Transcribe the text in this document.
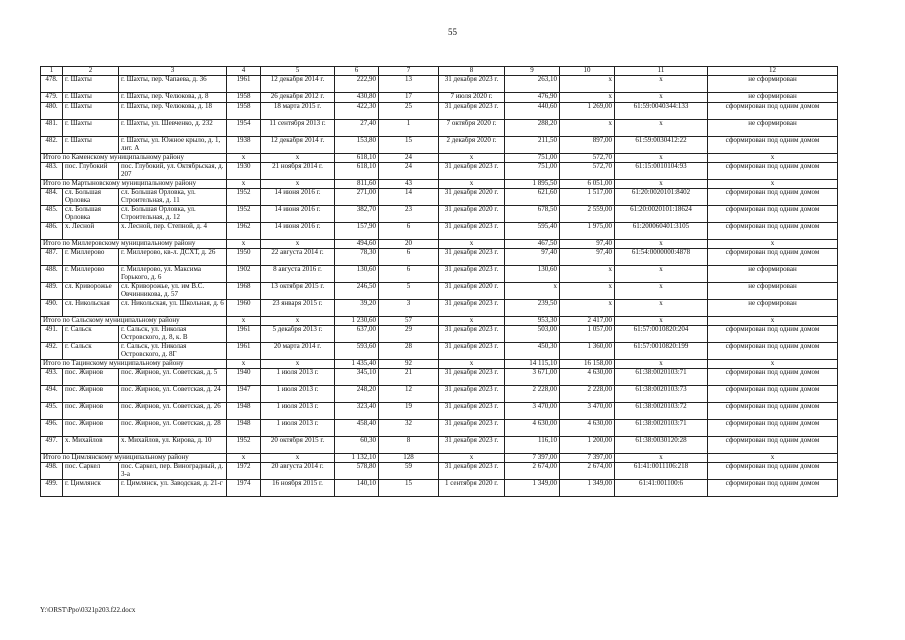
55
1	2	3	4	5	6	7	8	9	10	11	12
478.	г. Шахты	г. Шахты, пер. Чапаева, д. 36	1961	12 декабря 2014 г.	222,90	13	31 декабря 2023 г.	263,10	х	х	не сформирован
479.	г. Шахты	г. Шахты, пер. Челюкова, д. 8	1958	26 декабря 2012 г.	430,80	17	7 июля 2020 г.	476,90	х	х	не сформирован
480.	г. Шахты	г. Шахты, пер. Челюкова, д. 18	1958	18 марта 2015 г.	422,30	25	31 декабря 2023 г.	440,60	1 269,00	61:59:0040344:133	сформирован под одним домом
481.	г. Шахты	г. Шахты, ул. Шевченко, д. 232	1954	11 сентября 2013 г.	27,40	1	7 октября 2020 г.	288,20	х	х	не сформирован
482.	г. Шахты	г. Шахты, ул. Южное крыло, д. 1, лит. А	1938	12 декабря 2014 г.	153,80	15	2 декабря 2020 г.	211,50	897,00	61:59:0030412:22	сформирован под одним домом
Итого по Каменскому муниципальному району			х	х	618,10	24	х	751,00	572,70	х	х
483.	пос. Глубокий	пос. Глубокий, ул. Октябрьская, д. 207	1930	21 ноября 2014 г.	618,10	24	31 декабря 2023 г.	751,00	572,70	61:15:0010104:93	сформирован под одним домом
Итого по Мартыновскому муниципальному району			х	х	811,60	43	х	1 895,50	6 051,00	х	х
484.	сл. Большая Орловка	сл. Большая Орловка, ул. Строительная, д. 11	1952	14 июня 2016 г.	271,00	14	31 декабря 2020 г.	621,60	1 517,00	61:20:0020101:8402	сформирован под одним домом
485.	сл. Большая Орловка	сл. Большая Орловка, ул. Строительная, д. 12	1952	14 июня 2016 г.	382,70	23	31 декабря 2020 г.	678,50	2 559,00	61:20:0020101:18624	сформирован под одним домом
486.	х. Лесной	х. Лесной, пер. Степной, д. 4	1962	14 июня 2016 г.	157,90	6	31 декабря 2023 г.	595,40	1 975,00	61:200060401:3105	сформирован под одним домом
Итого по Миллеровскому муниципальному району			х	х	494,60	20	х	467,50	97,40	х	х
487.	г. Миллерово	г. Миллерово, кв-л. ДСХТ, д. 26	1950	22 августа 2014 г.	78,30	6	31 декабря 2023 г.	97,40	97,40	61:54:0000000:4878	сформирован под одним домом
488.	г. Миллерово	г. Миллерово, ул. Максима Горького, д. 6	1902	8 августа 2016 г.	130,60	6	31 декабря 2023 г.	130,60	х	х	не сформирован
489.	сл. Криворожье	сл. Криворожье, ул. им В.С. Овчинникова, д. 57	1968	13 октября 2015 г.	246,50	5	31 декабря 2020 г.	х	х	х	не сформирован
490.	сл. Никольская	сл. Никольская, ул. Школьная, д. 6	1960	23 января 2015 г.	39,20	3	31 декабря 2023 г.	239,50	х	х	не сформирован
Итого по Сальскому муниципальному району			х	х	1 230,60	57	х	953,30	2 417,00	х	х
491.	г. Сальск	г. Сальск, ул. Николая Островского, д. 8, к. В	1961	5 декабря 2013 г.	637,00	29	31 декабря 2023 г.	503,00	1 057,00	61:57:0010820:204	сформирован под одним домом
492.	г. Сальск	г. Сальск, ул. Николая Островского, д. 8Г	1961	20 марта 2014 г.	593,60	28	31 декабря 2023 г.	450,30	1 360,00	61:57:0010820:199	сформирован под одним домом
Итого по Тацинскому муниципальному району			х	х	1 435,40	92	х	14 115,10	16 158,00	х	х
493.	пос. Жирнов	пос. Жирнов, ул. Советская, д. 5	1940	1 июля 2013 г.	345,10	21	31 декабря 2023 г.	3 671,00	4 630,00	61:38:0020103:71	сформирован под одним домом
494.	пос. Жирнов	пос. Жирнов, ул. Советская, д. 24	1947	1 июля 2013 г.	248,20	12	31 декабря 2023 г.	2 228,00	2 228,00	61:38:0020103:73	сформирован под одним домом
495.	пос. Жирнов	пос. Жирнов, ул. Советская, д. 26	1948	1 июля 2013 г.	323,40	19	31 декабря 2023 г.	3 470,00	3 470,00	61:38:0020103:72	сформирован под одним домом
496.	пос. Жирнов	пос. Жирнов, ул. Советская, д. 28	1948	1 июля 2013 г.	458,40	32	31 декабря 2023 г.	4 630,00	4 630,00	61:38:0020103:71	сформирован под одним домом
497.	х. Михайлов	х. Михайлов, ул. Кирова, д. 10	1952	20 октября 2015 г.	60,30	8	31 декабря 2023 г.	116,10	1 200,00	61:38:0030120:28	сформирован под одним домом
Итого по Цимлянскому муниципальному району			х	х	1 132,10	128	х	7 397,00	7 397,00	х	х
498.	пос. Саркел	пос. Саркел, пер. Виноградный, д. 3-а	1972	20 августа 2014 г.	578,80	59	31 декабря 2023 г.	2 674,00	2 674,00	61:41:0011106:218	сформирован под одним домом
499.	г. Цимлянск	г. Цимлянск, ул. Заводская, д. 21-г	1974	16 ноября 2015 г.	140,10	15	1 сентября 2020 г.	1 349,00	1 349,00	61:41:001100:6	сформирован под одним домом
Y:\ORST\Ppo\0321p203.f22.docx
